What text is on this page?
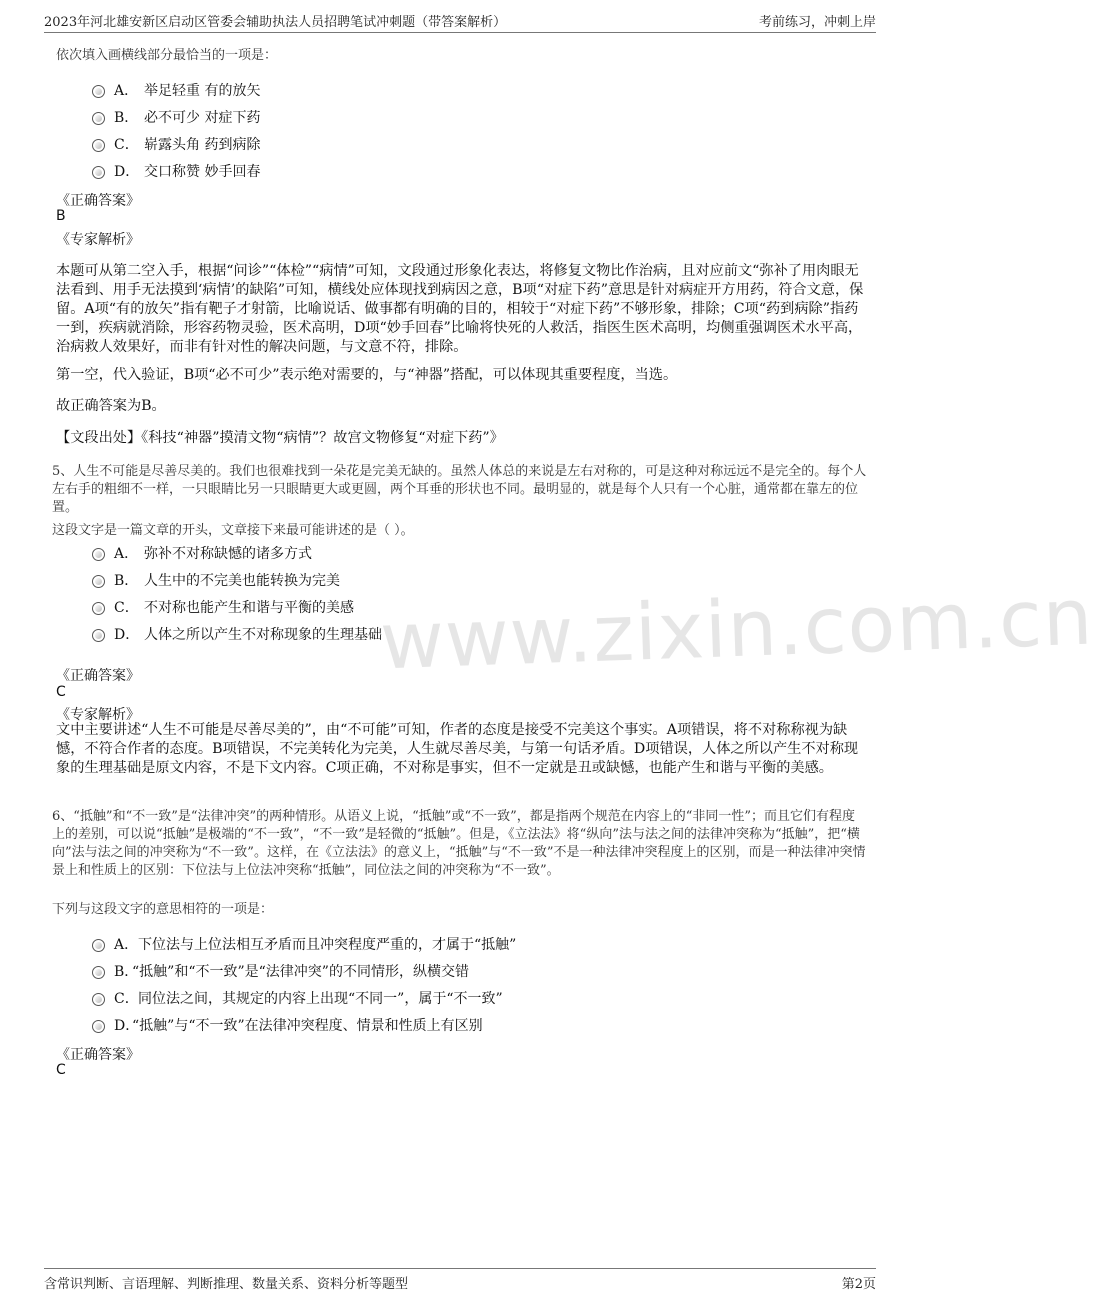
2023年河北雄安新区启动区管委会辅助执法人员招聘笔试冲刺题（带答案解析）	考前练习，冲刺上岸
www.zixin.com.cn

依次填入画横线部分最恰当的一项是：

A． 举足轻重 有的放矢
B． 必不可少 对症下药
C． 崭露头角 药到病除
D． 交口称赞 妙手回春
《正确答案》
B
《专家解析》

本题可从第二空入手，根据“问诊”“体检”“病情”可知，文段通过形象化表达，将修复文物比作治病，且对应前文“弥补了用肉眼无法看到、用手无法摸到‘病情’的缺陷”可知，横线处应体现找到病因之意，B项“对症下药”意思是针对病症开方用药，符合文意，保留。A项“有的放矢”指有靶子才射箭，比喻说话、做事都有明确的目的，相较于“对症下药”不够形象，排除；C项“药到病除”指药一到，疾病就消除，形容药物灵验，医术高明，D项“妙手回春”比喻将快死的人救活，指医生医术高明，均侧重强调医术水平高，治病救人效果好，而非有针对性的解决问题，与文意不符，排除。

第一空，代入验证，B项“必不可少”表示绝对需要的，与“神器”搭配，可以体现其重要程度，当选。

故正确答案为B。

【文段出处】《科技“神器”摸清文物“病情”？故宫文物修复“对症下药”》

5、人生不可能是尽善尽美的。我们也很难找到一朵花是完美无缺的。虽然人体总的来说是左右对称的，可是这种对称远远不是完全的。每个人左右手的粗细不一样，一只眼睛比另一只眼睛更大或更圆，两个耳垂的形状也不同。最明显的，就是每个人只有一个心脏，通常都在靠左的位置。

这段文字是一篇文章的开头，文章接下来最可能讲述的是（ ）。

A． 弥补不对称缺憾的诸多方式
B． 人生中的不完美也能转换为完美
C． 不对称也能产生和谐与平衡的美感
D． 人体之所以产生不对称现象的生理基础
《正确答案》
C
《专家解析》

文中主要讲述“人生不可能是尽善尽美的”，由“不可能”可知，作者的态度是接受不完美这个事实。A项错误，将不对称称视为缺憾，不符合作者的态度。B项错误，不完美转化为完美，人生就尽善尽美，与第一句话矛盾。D项错误，人体之所以产生不对称现象的生理基础是原文内容，不是下文内容。C项正确，不对称是事实，但不一定就是丑或缺憾，也能产生和谐与平衡的美感。

6、“抵触”和“不一致”是“法律冲突”的两种情形。从语义上说，“抵触”或“不一致”，都是指两个规范在内容上的“非同一性”；而且它们有程度上的差别，可以说“抵触”是极端的“不一致”，“不一致”是轻微的“抵触”。但是，《立法法》将“纵向”法与法之间的法律冲突称为“抵触”，把“横向”法与法之间的冲突称为“不一致”。这样，在《立法法》的意义上，“抵触”与“不一致”不是一种法律冲突程度上的区别，而是一种法律冲突情景上和性质上的区别：下位法与上位法冲突称“抵触”，同位法之间的冲突称为“不一致”。

下列与这段文字的意思相符的一项是：

A． 下位法与上位法相互矛盾而且冲突程度严重的，才属于“抵触”
B．
“抵触”和“不一致”是“法律冲突”的不同情形，纵横交错
C． 同位法之间，其规定的内容上出现“不同一”，属于“不一致”
D．
“抵触”与“不一致”在法律冲突程度、情景和性质上有区别
《正确答案》
C
含常识判断、言语理解、判断推理、数量关系、资料分析等题型	第2页
